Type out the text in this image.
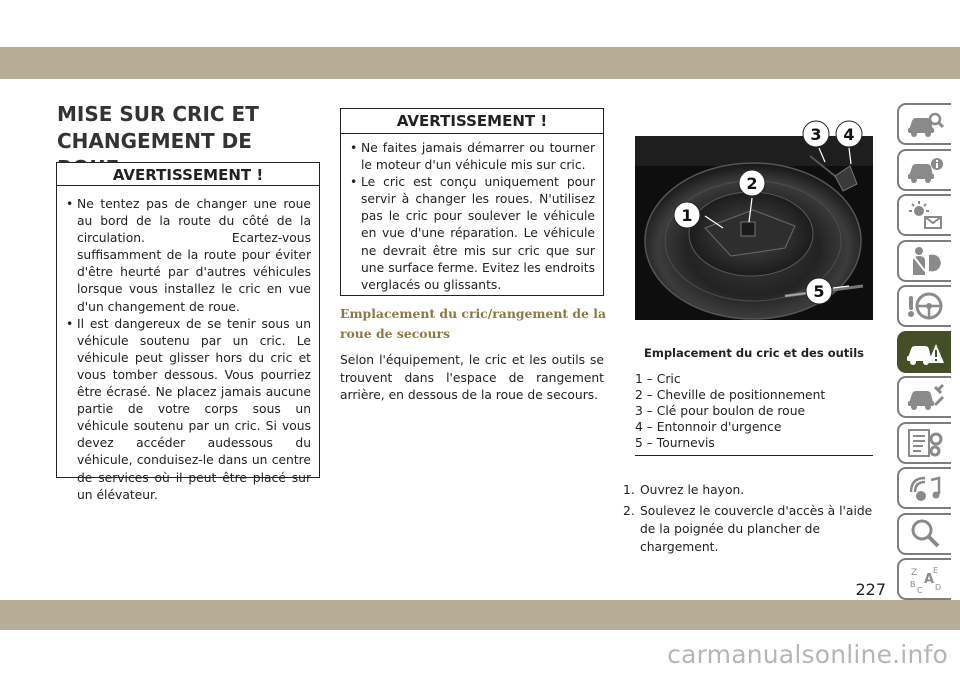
MISE SUR CRIC ET
CHANGEMENT DE
AVERTISSEMENT !
• Ne tentez pas de changer une roue au bord de la route du côté de la circulation. Ecartez-vous suffisamment de la route pour éviter d'être heurté par d'autres véhicules lorsque vous installez le cric en vue d'un changement de roue.
• Il est dangereux de se tenir sous un véhicule soutenu par un cric. Le véhicule peut glisser hors du cric et vous tomber dessous. Vous pourriez être écrasé. Ne placez jamais aucune partie de votre corps sous un véhicule soutenu par un cric. Si vous devez accéder audessous du véhicule, conduisez-le dans un centre de services où il peut être placé sur un élévateur.
AVERTISSEMENT !
• Ne faites jamais démarrer ou tourner le moteur d'un véhicule mis sur cric.
• Le cric est conçu uniquement pour servir à changer les roues. N'utilisez pas le cric pour soulever le véhicule en vue d'une réparation. Le véhicule ne devrait être mis sur cric que sur une surface ferme. Evitez les endroits verglacés ou glissants.
Emplacement du cric/rangement de la roue de secours

Selon l'équipement, le cric et les outils se trouvent dans l'espace de rangement arrière, en dessous de la roue de secours.

1
2
3 4
5
Emplacement du cric et des outils
1 – Cric
2 – Cheville de positionnement
3 – Clé pour boulon de roue
4 – Entonnoir d'urgence
5 – Tournevis
1. Ouvrez le hayon.
2. Soulevez le couvercle d'accès à l'aide de la poignée du plancher de chargement.
Z E
A
B
C D
227
carmanualsonline.info
